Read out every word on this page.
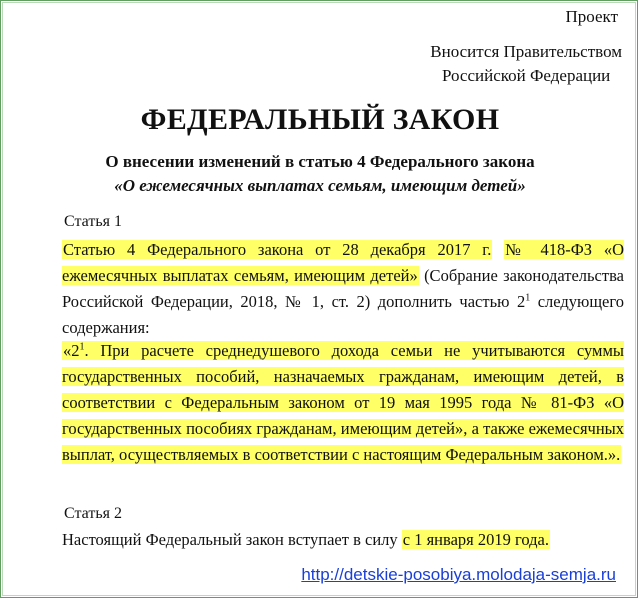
Проект
Вносится Правительством
Российской Федерации
ФЕДЕРАЛЬНЫЙ ЗАКОН
О внесении изменений в статью 4 Федерального закона
«О ежемесячных выплатах семьям, имеющим детей»
Статья 1
Статью 4 Федерального закона от 28 декабря 2017 г. № 418-ФЗ «О ежемесячных выплатах семьям, имеющим детей» (Собрание законодательства Российской Федерации, 2018, № 1, ст. 2) дополнить частью $2^1$ следующего содержания:
«$2^1$. При расчете среднедушевого дохода семьи не учитываются суммы государственных пособий, назначаемых гражданам, имеющим детей, в соответствии с Федеральным законом от 19 мая 1995 года № 81-ФЗ «О государственных пособиях гражданам, имеющим детей», а также ежемесячных выплат, осуществляемых в соответствии с настоящим Федеральным законом.».
Статья 2
Настоящий Федеральный закон вступает в силу с 1 января 2019 года.
http://detskie-posobiya.molodaja-semja.ru
